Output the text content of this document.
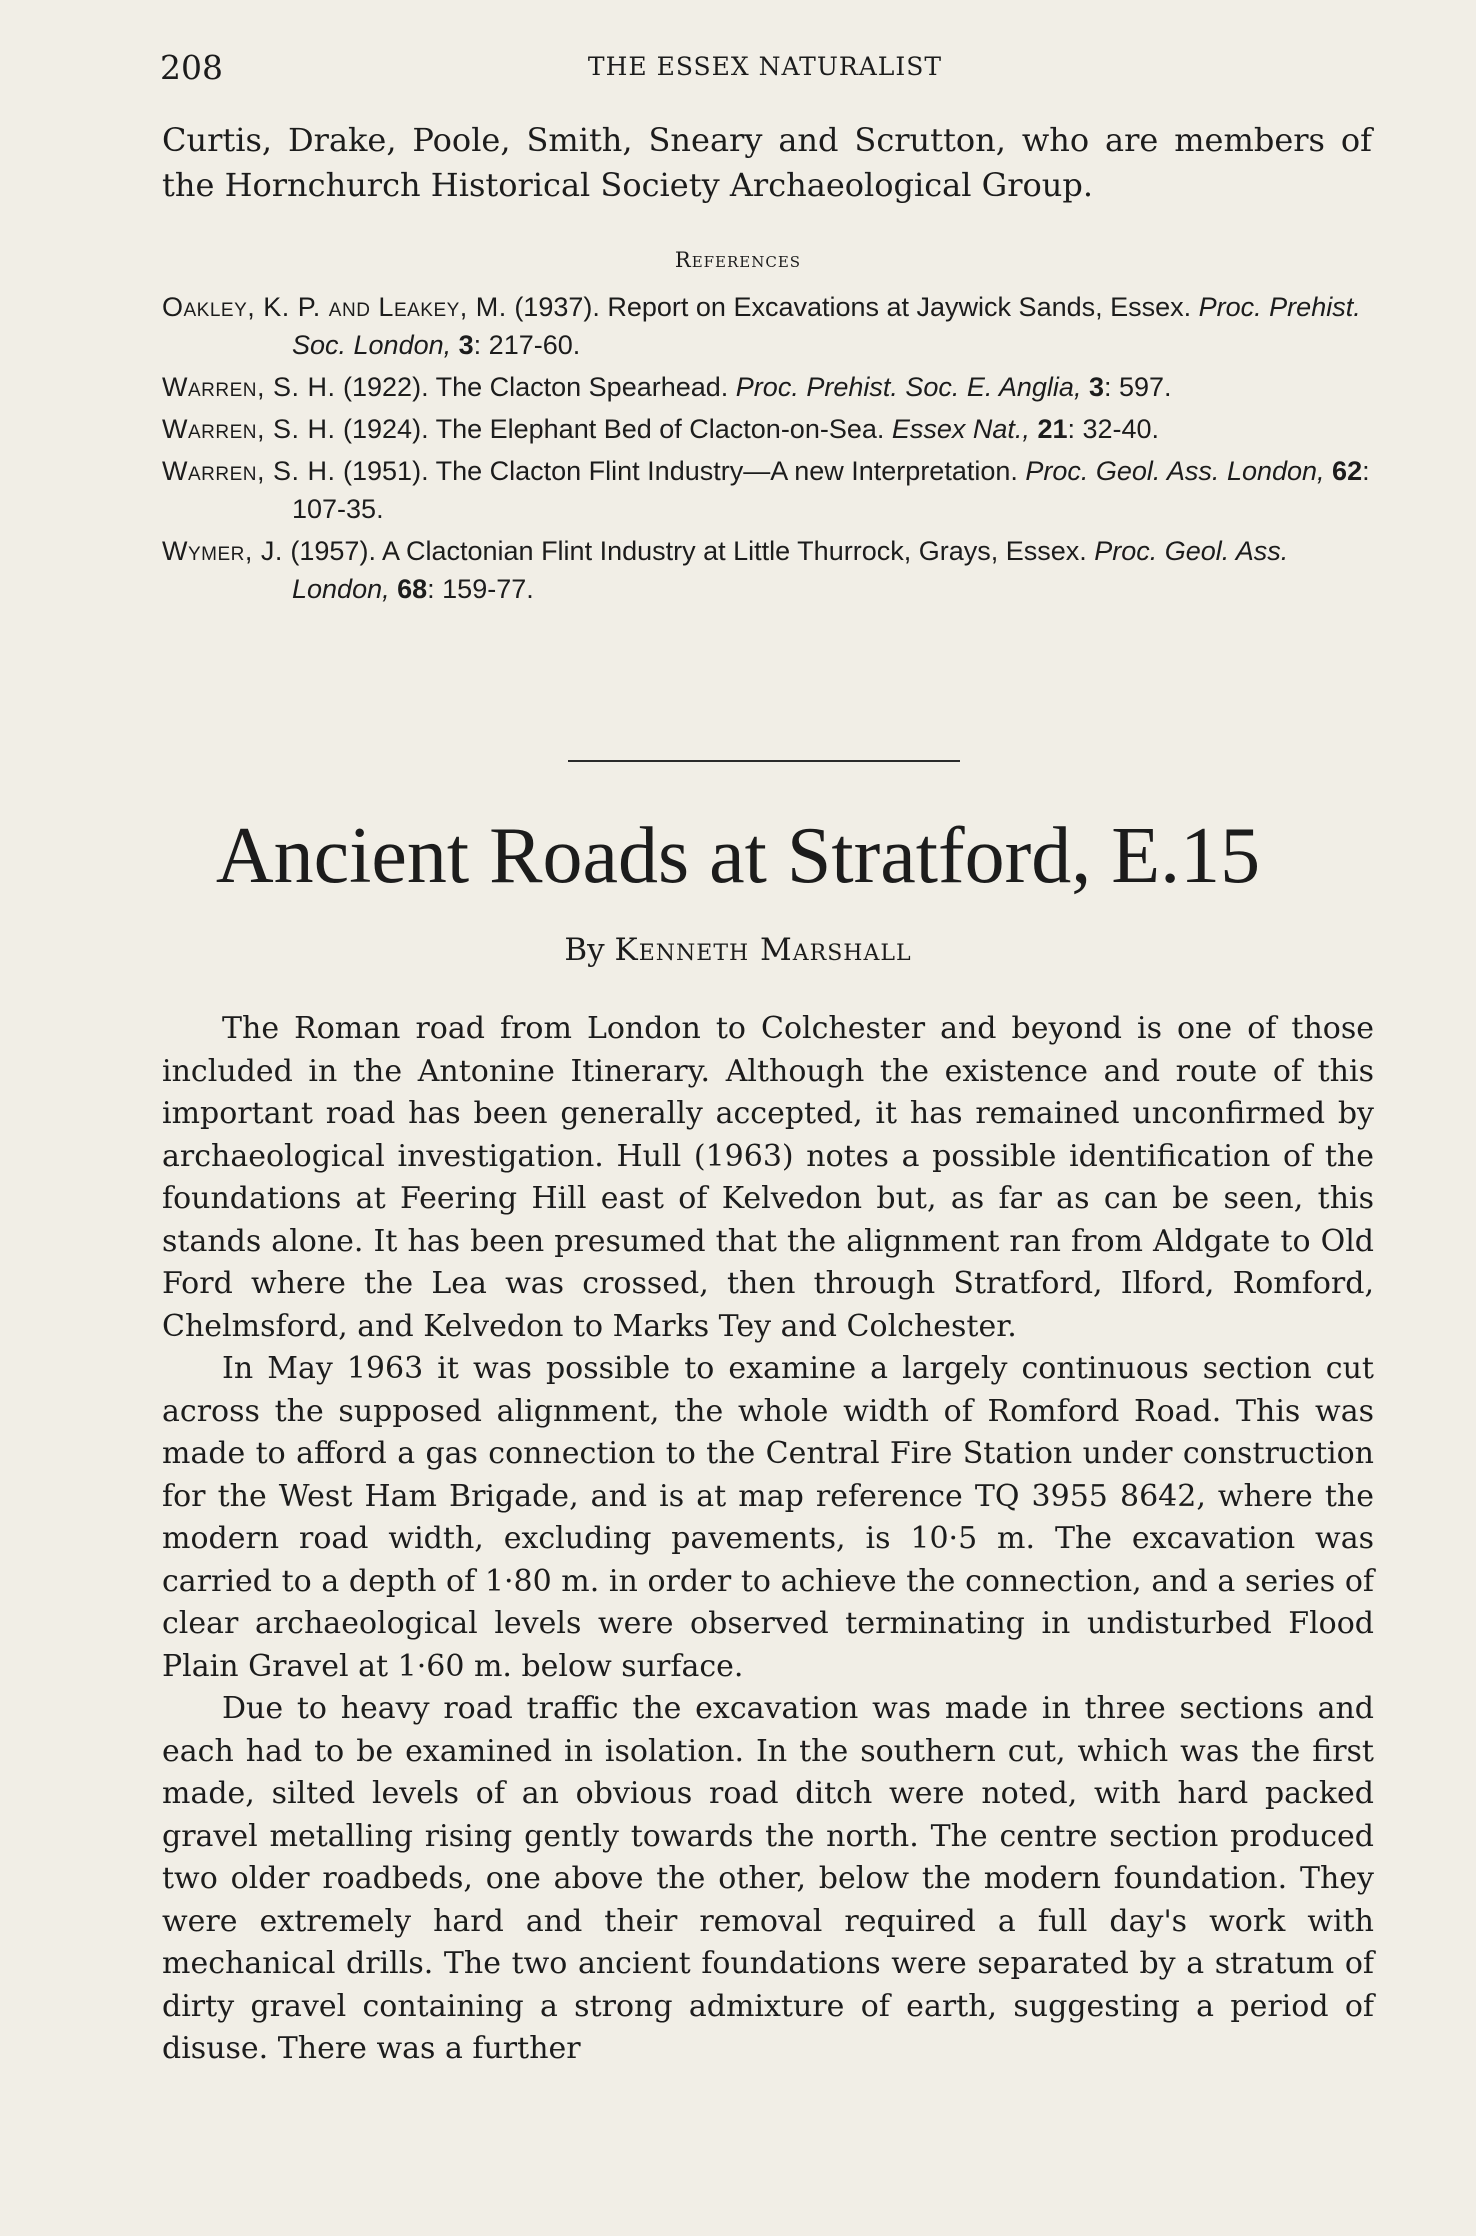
208	THE ESSEX NATURALIST

Curtis, Drake, Poole, Smith, Sneary and Scrutton, who are members of the Hornchurch Historical Society Archaeological Group.

References

Oakley, K. P. and Leakey, M. (1937). Report on Excavations at Jaywick Sands, Essex. Proc. Prehist. Soc. London, 3: 217-60.

Warren, S. H. (1922). The Clacton Spearhead. Proc. Prehist. Soc. E. Anglia, 3: 597.

Warren, S. H. (1924). The Elephant Bed of Clacton-on-Sea. Essex Nat., 21: 32-40.

Warren, S. H. (1951). The Clacton Flint Industry—A new Interpretation. Proc. Geol. Ass. London, 62: 107-35.

Wymer, J. (1957). A Clactonian Flint Industry at Little Thurrock, Grays, Essex. Proc. Geol. Ass. London, 68: 159-77.

Ancient Roads at Stratford, E.15
By Kenneth Marshall

The Roman road from London to Colchester and beyond is one of those included in the Antonine Itinerary. Although the existence and route of this important road has been generally accepted, it has remained unconfirmed by archaeological investigation. Hull (1963) notes a possible identification of the foundations at Feering Hill east of Kelvedon but, as far as can be seen, this stands alone. It has been presumed that the alignment ran from Aldgate to Old Ford where the Lea was crossed, then through Stratford, Ilford, Romford, Chelmsford, and Kelvedon to Marks Tey and Colchester.

In May 1963 it was possible to examine a largely continuous section cut across the supposed alignment, the whole width of Romford Road. This was made to afford a gas connection to the Central Fire Station under construction for the West Ham Brigade, and is at map reference TQ 3955 8642, where the modern road width, excluding pavements, is 10·5 m. The excavation was carried to a depth of 1·80 m. in order to achieve the connection, and a series of clear archaeological levels were observed terminating in undisturbed Flood Plain Gravel at 1·60 m. below surface.

Due to heavy road traffic the excavation was made in three sections and each had to be examined in isolation. In the southern cut, which was the first made, silted levels of an obvious road ditch were noted, with hard packed gravel metalling rising gently towards the north. The centre section produced two older roadbeds, one above the other, below the modern foundation. They were extremely hard and their removal required a full day's work with mechanical drills. The two ancient foundations were separated by a stratum of dirty gravel containing a strong admixture of earth, suggesting a period of disuse. There was a further
